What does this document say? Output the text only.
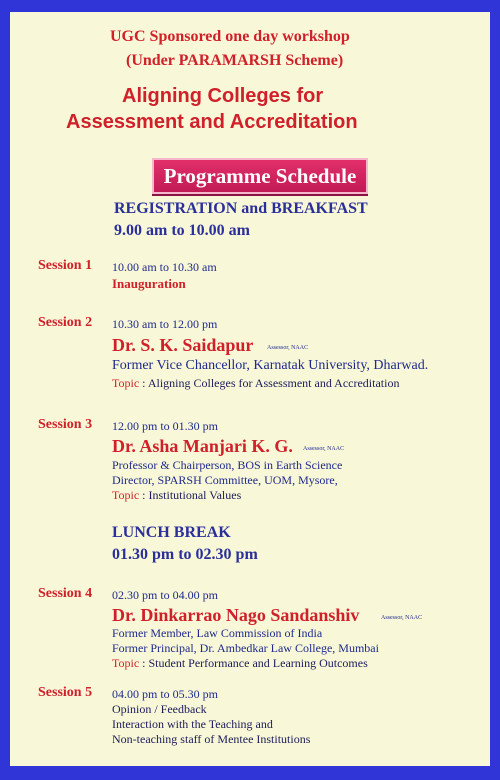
UGC Sponsored one day workshop
(Under PARAMARSH Scheme)
Aligning Colleges for
Assessment and Accreditation
Programme Schedule
REGISTRATION and BREAKFAST
9.00 am to 10.00 am
Session 1 10.00 am to 10.30 am
Inauguration
Session 2 10.30 am to 12.00 pm
Dr. S. K. Saidapur Assessor, NAAC
Former Vice Chancellor, Karnatak University, Dharwad.
Topic : Aligning Colleges for Assessment and Accreditation
Session 3 12.00 pm to 01.30 pm
Dr. Asha Manjari K. G. Assessor, NAAC
Professor & Chairperson, BOS in Earth Science
Director, SPARSH Committee, UOM, Mysore,
Topic : Institutional Values
LUNCH BREAK
01.30 pm to 02.30 pm
Session 4 02.30 pm to 04.00 pm
Dr. Dinkarrao Nago Sandanshiv	Assessor, NAAC
Former Member, Law Commission of India
Former Principal, Dr. Ambedkar Law College, Mumbai
Topic : Student Performance and Learning Outcomes
Session 5 04.00 pm to 05.30 pm
Opinion / Feedback
Interaction with the Teaching and
Non-teaching staff of Mentee Institutions
